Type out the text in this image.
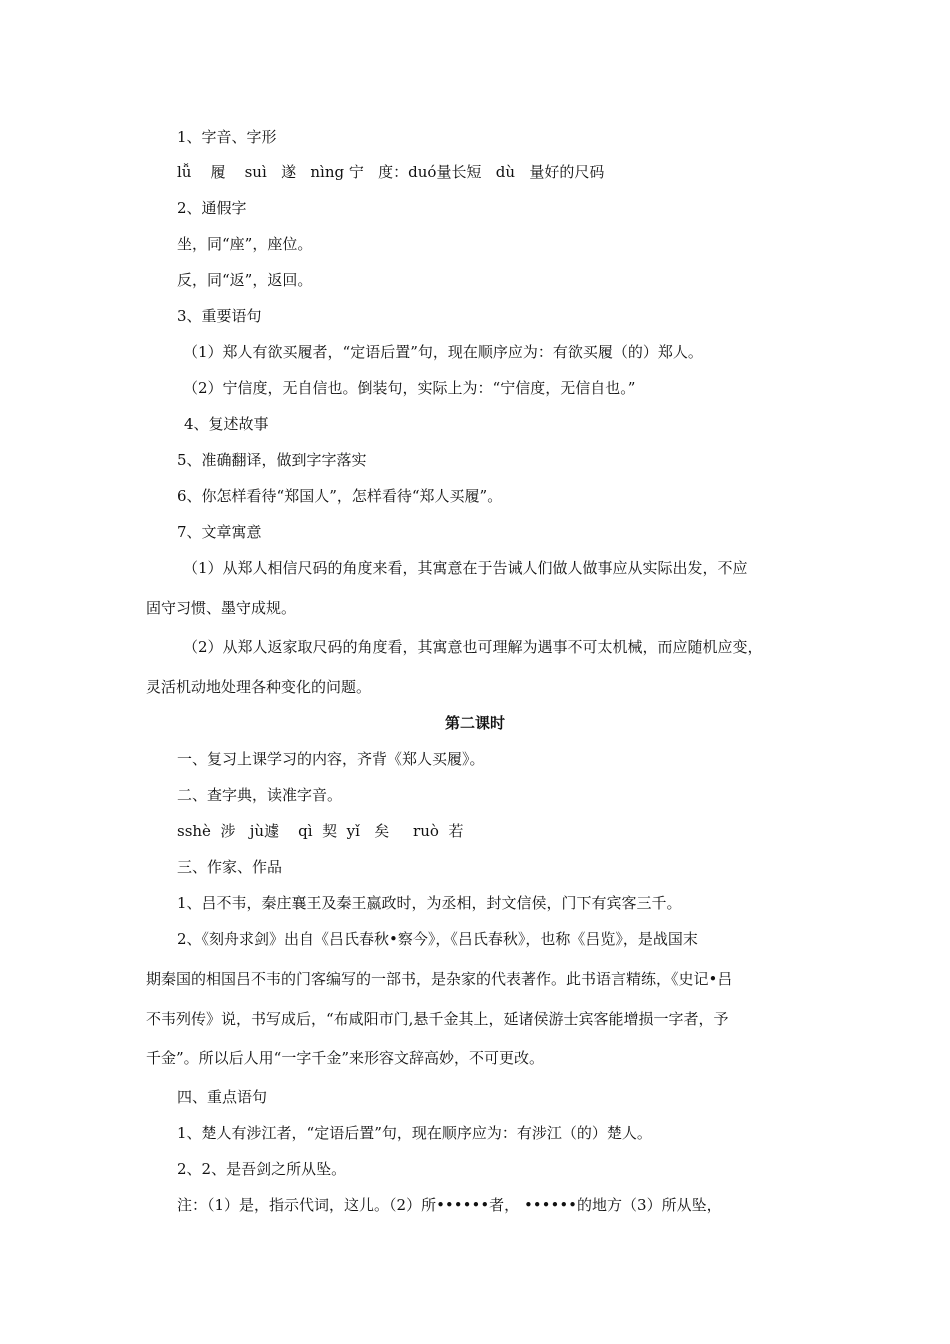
1、字音、字形
lǚ    履    suì   遂   nìng 宁   度：duó量长短   dù   量好的尺码
2、通假字
坐，同“座”，座位。
反，同“返”，返回。
3、重要语句
（1）郑人有欲买履者，“定语后置”句，现在顺序应为：有欲买履（的）郑人。
（2）宁信度，无自信也。倒装句，实际上为：“宁信度，无信自也。”
4、复述故事
5、准确翻译，做到字字落实
6、你怎样看待“郑国人”，怎样看待“郑人买履”。
7、文章寓意
（1）从郑人相信尺码的角度来看，其寓意在于告诫人们做人做事应从实际出发，不应
固守习惯、墨守成规。
（2）从郑人返家取尺码的角度看，其寓意也可理解为遇事不可太机械，而应随机应变，
灵活机动地处理各种变化的问题。
第二课时
一、复习上课学习的内容，齐背《郑人买履》。
二、查字典，读准字音。
sshè  涉   jù遽    qì  契  yǐ   矣     ruò  若
三、作家、作品
1、吕不韦，秦庄襄王及秦王嬴政时，为丞相，封文信侯，门下有宾客三千。
2、《刻舟求剑》出自《吕氏春秋•察今》，《吕氏春秋》，也称《吕览》，是战国末
期秦国的相国吕不韦的门客编写的一部书，是杂家的代表著作。此书语言精练，《史记•吕
不韦列传》说，书写成后，“布咸阳市门,悬千金其上，延诸侯游士宾客能增损一字者，予
千金”。所以后人用“一字千金”来形容文辞高妙，不可更改。
四、重点语句
1、楚人有涉江者，“定语后置”句，现在顺序应为：有涉江（的）楚人。
2、2、是吾剑之所从坠。
注：（1）是，指示代词，这儿。（2）所••••••者， ••••••的地方（3）所从坠，
